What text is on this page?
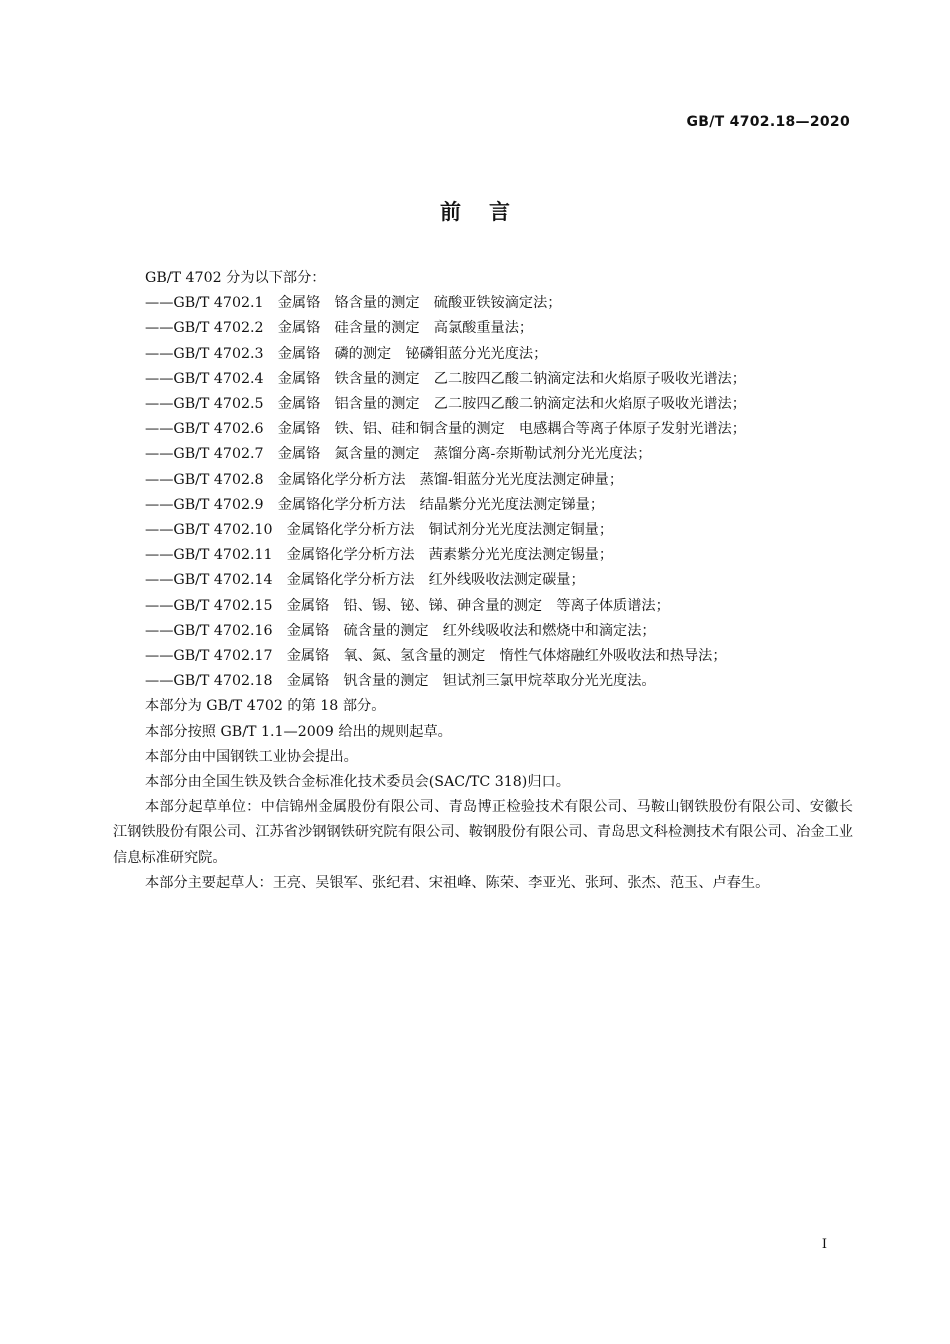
GB/T 4702.18—2020
前言

GB/T 4702 分为以下部分：

——GB/T 4702.1　金属铬　铬含量的测定　硫酸亚铁铵滴定法；

——GB/T 4702.2　金属铬　硅含量的测定　高氯酸重量法；

——GB/T 4702.3　金属铬　磷的测定　铋磷钼蓝分光光度法；

——GB/T 4702.4　金属铬　铁含量的测定　乙二胺四乙酸二钠滴定法和火焰原子吸收光谱法；

——GB/T 4702.5　金属铬　铝含量的测定　乙二胺四乙酸二钠滴定法和火焰原子吸收光谱法；

——GB/T 4702.6　金属铬　铁、铝、硅和铜含量的测定　电感耦合等离子体原子发射光谱法；

——GB/T 4702.7　金属铬　氮含量的测定　蒸馏分离-奈斯勒试剂分光光度法；

——GB/T 4702.8　金属铬化学分析方法　蒸馏-钼蓝分光光度法测定砷量；

——GB/T 4702.9　金属铬化学分析方法　结晶紫分光光度法测定锑量；

——GB/T 4702.10　金属铬化学分析方法　铜试剂分光光度法测定铜量；

——GB/T 4702.11　金属铬化学分析方法　茜素紫分光光度法测定锡量；

——GB/T 4702.14　金属铬化学分析方法　红外线吸收法测定碳量；

——GB/T 4702.15　金属铬　铅、锡、铋、锑、砷含量的测定　等离子体质谱法；

——GB/T 4702.16　金属铬　硫含量的测定　红外线吸收法和燃烧中和滴定法；

——GB/T 4702.17　金属铬　氧、氮、氢含量的测定　惰性气体熔融红外吸收法和热导法；

——GB/T 4702.18　金属铬　钒含量的测定　钽试剂三氯甲烷萃取分光光度法。

本部分为 GB/T 4702 的第 18 部分。

本部分按照 GB/T 1.1—2009 给出的规则起草。

本部分由中国钢铁工业协会提出。

本部分由全国生铁及铁合金标准化技术委员会(SAC/TC 318)归口。

本部分起草单位：中信锦州金属股份有限公司、青岛博正检验技术有限公司、马鞍山钢铁股份有限公司、安徽长江钢铁股份有限公司、江苏省沙钢钢铁研究院有限公司、鞍钢股份有限公司、青岛思文科检测技术有限公司、冶金工业信息标准研究院。

本部分主要起草人：王亮、吴银军、张纪君、宋祖峰、陈荣、李亚光、张珂、张杰、范玉、卢春生。

I
